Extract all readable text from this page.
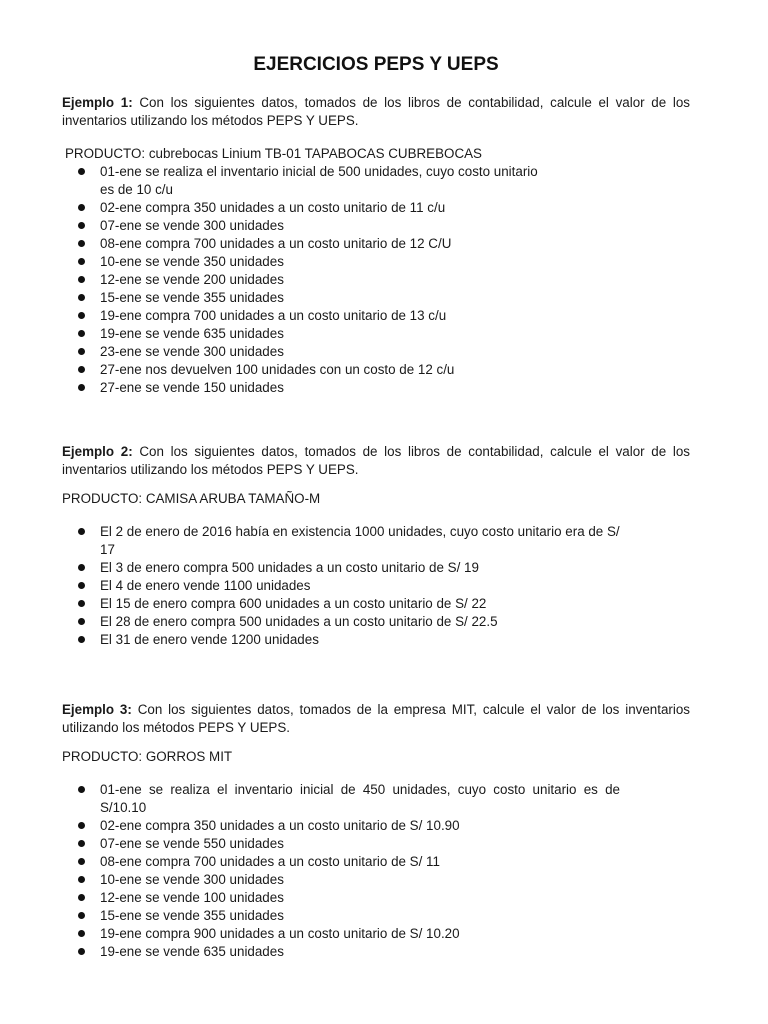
EJERCICIOS PEPS Y UEPS

Ejemplo 1: Con los siguientes datos, tomados de los libros de contabilidad, calcule el valor de los inventarios utilizando los métodos PEPS Y UEPS.

PRODUCTO: cubrebocas Linium TB-01 TAPABOCAS CUBREBOCAS

01-ene se realiza el inventario inicial de 500 unidades, cuyo costo unitario es de 10 c/u
02-ene compra 350 unidades a un costo unitario de 11 c/u
07-ene se vende 300 unidades
08-ene compra 700 unidades a un costo unitario de 12 C/U
10-ene se vende 350 unidades
12-ene se vende 200 unidades
15-ene se vende 355 unidades
19-ene compra 700 unidades a un costo unitario de 13 c/u
19-ene se vende 635 unidades
23-ene se vende 300 unidades
27-ene nos devuelven 100 unidades con un costo de 12 c/u
27-ene se vende 150 unidades

Ejemplo 2: Con los siguientes datos, tomados de los libros de contabilidad, calcule el valor de los inventarios utilizando los métodos PEPS Y UEPS.

PRODUCTO: CAMISA ARUBA TAMAÑO-M

El 2 de enero de 2016 había en existencia 1000 unidades, cuyo costo unitario era de S/ 17
El 3 de enero compra 500 unidades a un costo unitario de S/ 19
El 4 de enero vende 1100 unidades
El 15 de enero compra 600 unidades a un costo unitario de S/ 22
El 28 de enero compra 500 unidades a un costo unitario de S/ 22.5
El 31 de enero vende 1200 unidades

Ejemplo 3: Con los siguientes datos, tomados de la empresa MIT, calcule el valor de los inventarios utilizando los métodos PEPS Y UEPS.

PRODUCTO: GORROS MIT

01-ene se realiza el inventario inicial de 450 unidades, cuyo costo unitario es de S/10.10
02-ene compra 350 unidades a un costo unitario de S/ 10.90
07-ene se vende 550 unidades
08-ene compra 700 unidades a un costo unitario de S/ 11
10-ene se vende 300 unidades
12-ene se vende 100 unidades
15-ene se vende 355 unidades
19-ene compra 900 unidades a un costo unitario de S/ 10.20
19-ene se vende 635 unidades
